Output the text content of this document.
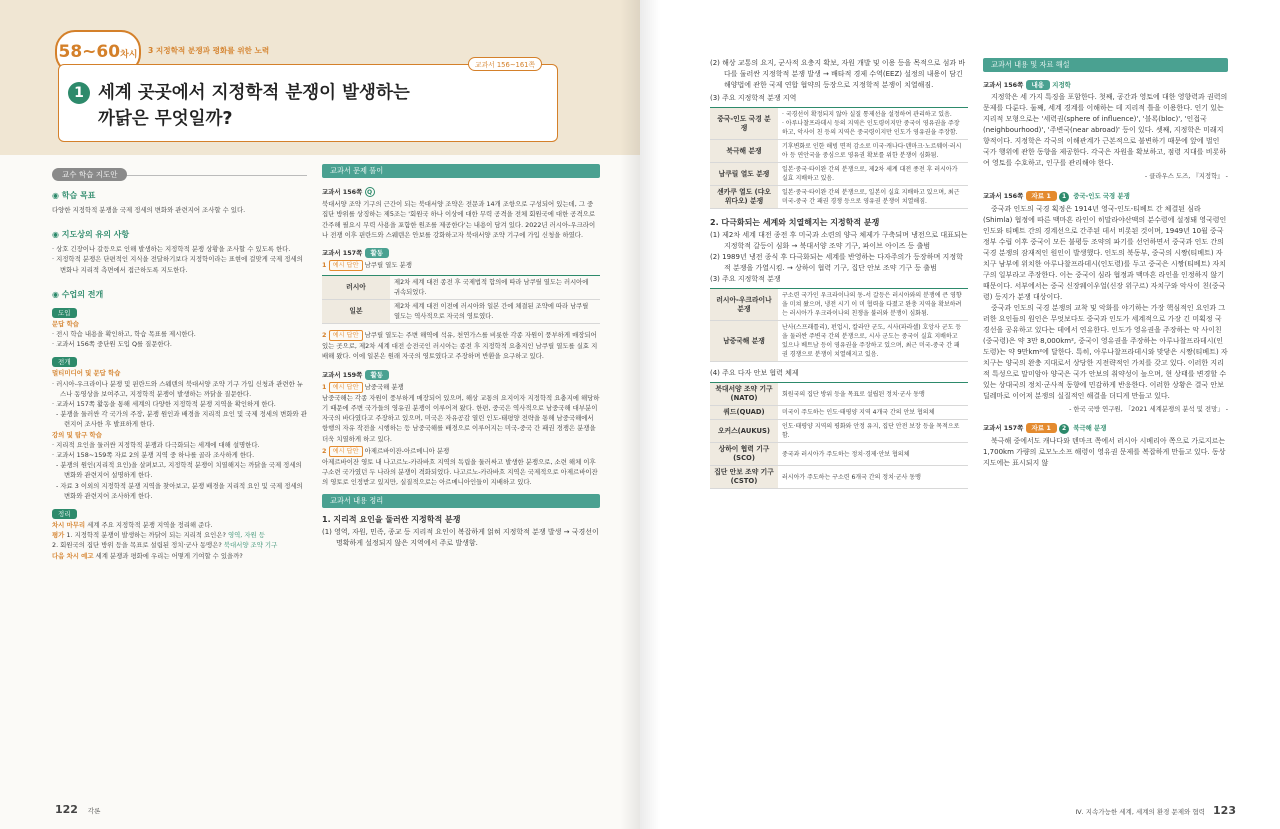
58~60차시	3 지정학적 분쟁과 평화를 위한 노력
교과서 156~161쪽
1 세계 곳곳에서 지정학적 분쟁이 발생하는
까닭은 무엇일까?
교수 학습 지도안
◉ 학습 목표
다양한 지정학적 분쟁을 국제 정세의 변화와 관련지어 조사할 수 있다.
◉ 지도상의 유의 사항
· 상호 긴장이나 갈등으로 인해 발생하는 지정학적 분쟁 상황을 조사할 수 있도록 한다.
· 지정학적 분쟁은 단편적인 지식을 전달하기보다 지정학이라는 표현에 걸맞게 국제 정세의 변화나 지리적 측면에서 접근하도록 지도한다.
◉ 수업의 전개
도입
문답 학습
· 전시 학습 내용을 확인하고, 학습 목표를 제시한다.
· 교과서 156쪽 중단원 도입 Q를 질문한다.
전개
멀티미디어 및 문답 학습
· 러시아-우크라이나 분쟁 및 핀란드와 스웨덴의 북대서양 조약 기구 가입 신청과 관련한 뉴스나 동영상을 보여주고, 지정학적 분쟁이 발생하는 까닭을 질문한다.
· 교과서 157쪽 활동을 통해 세계의 다양한 지정학적 분쟁 지역을 확인하게 한다.
- 분쟁을 둘러싼 각 국가의 주장, 분쟁 원인과 배경을 지리적 요인 및 국제 정세의 변화와 관련지어 조사한 후 발표하게 한다.
강의 및 탐구 학습
· 지리적 요인을 둘러싼 지정학적 분쟁과 다극화되는 세계에 대해 설명한다.
· 교과서 158~159쪽 자료 2의 분쟁 지역 중 하나를 골라 조사하게 한다.
- 분쟁의 원인(지리적 요인)을 살펴보고, 지정학적 분쟁이 치열해지는 까닭을 국제 정세의 변화와 관련지어 설명하게 한다.
- 자료 3 이외의 지정학적 분쟁 지역을 찾아보고, 분쟁 배경을 지리적 요인 및 국제 정세의 변화와 관련지어 조사하게 한다.
정리
차시 마무리 세계 주요 지정학적 분쟁 지역을 정리해 준다.
평가 1. 지정학적 분쟁이 발생하는 까닭이 되는 지리적 요인은? 영역, 자원 등
2. 회원국의 집단 방위 등을 목표로 설립된 정치·군사 동맹은? 북대서양 조약 기구
다음 차시 예고 세계 분쟁과 평화에 우리는 어떻게 기여할 수 있을까?
122 각론
교과서 문제 풀이
교과서 156쪽 Q
북대서양 조약 기구의 근간이 되는 북대서양 조약은 전문과 14개 조항으로 구성되어 있는데, 그 중 집단 방위를 상징하는 제5조는 '회원국 하나 이상에 대한 무력 공격을 전체 회원국에 대한 공격으로 간주해 필요시 무력 사용을 포함한 원조를 제공한다'는 내용이 담겨 있다. 2022년 러시아-우크라이나 전쟁 이후 핀란드와 스웨덴은 안보를 강화하고자 북대서양 조약 기구에 가입 신청을 하였다.
교과서 157쪽 활동
1 예시 답안 남쿠릴 열도 분쟁
러시아	제2차 세계 대전 종전 후 국제법적 합의에 따라 남쿠릴 열도는 러시아에 귀속되었다.
일본	제2차 세계 대전 이전에 러시아와 일본 간에 체결된 조약에 따라 남쿠릴 열도는 역사적으로 자국의 영토였다.
2 예시 답안 남쿠릴 열도는 주변 해역에 석유, 천연가스를 비롯한 각종 자원이 풍부하게 매장되어 있는 곳으로, 제2차 세계 대전 승전국인 러시아는 종전 후 지정학적 요충지인 남쿠릴 열도를 실효 지배해 왔다. 이에 일본은 원래 자국의 영토였다고 주장하며 반환을 요구하고 있다.
교과서 159쪽 활동
1 예시 답안 남중국해 분쟁
남중국해는 각종 자원이 풍부하게 매장되어 있으며, 해상 교통의 요지이자 지정학적 요충지에 해당하기 때문에 주변 국가들의 영유권 분쟁이 이루어져 왔다. 한편, 중국은 역사적으로 남중국해 대부분이 자국의 바다였다고 주장하고 있으며, 미국은 자유공감 열린 인도-태평양 전략을 통해 남중국해에서 항행의 자유 작전을 시행하는 등 남중국해를 배경으로 이루어지는 미국-중국 간 패권 경쟁은 분쟁을 더욱 치열하게 하고 있다.
2 예시 답안 아제르바이잔-아르메니아 분쟁
아제르바이잔 영토 내 나고르노-카라바흐 지역의 독립을 둘러싸고 발생한 분쟁으로, 소련 해체 이후 구소련 국가였던 두 나라의 분쟁이 격화되었다. 나고르노-카라바흐 지역은 국제적으로 아제르바이잔의 영토로 인정받고 있지만, 실질적으로는 아르메니아인들이 지배하고 있다.
교과서 내용 정리
1. 지리적 요인을 둘러싼 지정학적 분쟁
(1) 영역, 자원, 민족, 종교 등 지리적 요인이 복잡하게 얽혀 지정학적 분쟁 발생 → 국경선이 명확하게 설정되지 않은 지역에서 주로 발생함.
(2) 해상 교통의 요지, 군사적 요충지 확보, 자원 개발 및 이용 등을 목적으로 섬과 바다를 둘러싼 지정학적 분쟁 발생 → 배타적 경제 수역(EEZ) 설정의 내용이 담긴 해양법에 관한 국제 연합 협약의 등장으로 지정학적 분쟁이 치열해짐.
(3) 주요 지정학적 분쟁 지역
중국-인도 국경 분쟁	· 국경선이 확정되지 않아 실질 통제선을 설정하여 관리하고 있음.
· 아루나찰프라데시 등의 지역은 인도령이지만 중국이 영유권을 주장하고, 악사이 친 등의 지역은 중국령이지만 인도가 영유권을 주장함.
북극해 분쟁	기후변화로 인한 해빙 면적 감소로 미국·캐나다·덴마크·노르웨이·러시아 등 연안국을 중심으로 영유권 확보를 위한 분쟁이 심화됨.
남쿠릴 열도 분쟁	일본·중국·타이완 간의 분쟁으로, 제2차 세계 대전 종전 후 러시아가 실효 지배하고 있음.
센카쿠 열도 (댜오위다오) 분쟁	일본·중국·타이완 간의 분쟁으로, 일본이 실효 지배하고 있으며, 최근 미국-중국 간 패권 경쟁 등으로 영유권 분쟁이 치열해짐.
2. 다극화되는 세계와 치열해지는 지정학적 분쟁
(1) 제2차 세계 대전 종전 후 미국과 소련의 양극 체제가 구축되며 냉전으로 대표되는 지정학적 갈등이 심화 → 북대서양 조약 기구, 파이브 아이즈 등 출범
(2) 1989년 냉전 종식 후 다극화되는 세계를 반영하는 다자주의가 등장하며 지정학적 분쟁을 가열시킴. → 상하이 협력 기구, 집단 안보 조약 기구 등 출범
(3) 주요 지정학적 분쟁
러시아-우크라이나 분쟁	구소련 국가인 우크라이나의 동-서 갈등은 러시아와의 분쟁에 큰 영향을 미쳐 왔으며, 냉전 시기 이 미 협력을 다졌고 완충 지역을 확보하려는 러시아가 우크라이나의 친쟁을 불러와 분쟁이 심화됨.
남중국해 분쟁	난사(스프래틀리), 펀업시, 칼라얀 군도, 시사(파라셀) 호앙사 군도 등을 둘러싼 주변국 간의 분쟁으로, 시사 군도는 중국이 실효 지배하고 있으나 베트남 등이 영유권을 주장하고 있으며, 최근 미국-중국 간 패권 경쟁으로 분쟁이 치열해지고 있음.
(4) 주요 다자 안보 협력 체제
북대서양 조약 기구(NATO)	회원국의 집단 방위 등을 목표로 설립된 정치·군사 동맹
쿼드(QUAD)	미국이 주도하는 인도·태평양 지역 4개국 간의 안보 협의체
오커스(AUKUS)	인도·태평양 지역의 평화와 안정 유지, 집단 안전 보장 등을 목적으로 함.
상하이 협력 기구 (SCO)	중국과 러시아가 주도하는 정치·경제·안보 협의체
집단 안보 조약 기구(CSTO)	러시아가 주도하는 구소련 6개국 간의 정치·군사 동맹
교과서 내용 및 자료 해설
교과서 156쪽 내용 지정학
지정학은 세 가지 특징을 포함한다. 첫째, 공간과 영토에 대한 영향력과 권력의 문제를 다룬다. 둘째, 세계 경계를 이해하는 데 지리적 틀을 이용한다. 인기 있는 지리적 모형으로는 '세력권(sphere of influence)', '블록(bloc)', '인접국(neighbourhood)', '주변국(near abroad)' 등이 있다. 셋째, 지정학은 미래지향적이다. 지정학은 각국의 이해관계가 근본적으로 불변하기 때문에 앞에 벌인 국가 행위에 관한 동향을 제공한다. 각국은 자원을 확보하고, 점령 지대를 비롯하여 영토를 수호하고, 인구를 관리해야 한다.
- 클라우스 도즈, 『지정학』 -
교과서 156쪽 자료 1 1 중국-인도 국경 분쟁
중국과 인도의 국경 획정은 1914년 영국-인도-티베트 간 체결된 심라(Shimla) 협정에 따른 맥마흔 라인이 히말라야산맥의 분수령에 설정돼 영국령인 인도와 티베트 간의 경계선으로 간주된 데서 비롯된 것이며, 1949년 10월 중국 정부 수립 이후 중국이 모든 불평등 조약의 파기를 선언하면서 중국과 인도 간의 국경 분쟁의 잠재적인 원인이 발생했다. 인도의 북동부, 중국의 시짱(티베트) 자치구 남부에 위치한 아루나찰프라데시(인도령)를 두고 중국은 시짱(티베트) 자치구의 일부라고 주장한다. 이는 중국이 심라 협정과 맥마흔 라인을 인정하지 않기 때문이다. 서부에서는 중국 신장웨이우얼(신장 위구르) 자치구와 악사이 친(중국령) 등지가 분쟁 대상이다.
중국과 인도의 국경 분쟁의 교착 및 악화를 야기하는 가장 핵심적인 요인과 그러한 요인들의 원인은 무엇보다도 중국과 인도가 세계적으로 가장 긴 미획정 국경선을 공유하고 있다는 데에서 연유한다. 인도가 영유권을 주장하는 악 사이친(중국령)은 약 3만 8,000km², 중국이 영유권을 주장하는 아루나찰프라데시(인도령)는 약 9만km²에 달한다. 특히, 아루나찰프라데시와 맞닿은 시짱(티베트) 자치구는 양국의 완충 지대로서 상당한 지전략적인 가치를 갖고 있다. 이러한 지리적 특성으로 말미암아 양국은 국가 안보의 취약성이 높으며, 현 상태를 변경할 수 있는 상대국의 정치·군사적 동향에 민감하게 반응한다. 이러한 상황은 결국 안보 딜레마로 이어져 분쟁의 실질적인 해결을 더디게 만들고 있다.
- 한국 국방 연구원, 「2021 세계분쟁의 분석 및 전망」 -
교과서 157쪽 자료 1 2 북극해 분쟁
북극해 중에서도 캐나다와 덴마크 쪽에서 러시아 시베리아 쪽으로 가로지르는 1,700km 가량의 로모노소프 해령이 영유권 문제를 복잡하게 만들고 있다. 동상 지도에는 표시되지 않
Ⅳ. 지속가능한 세계, 세계의 환경 문제와 협력 123
